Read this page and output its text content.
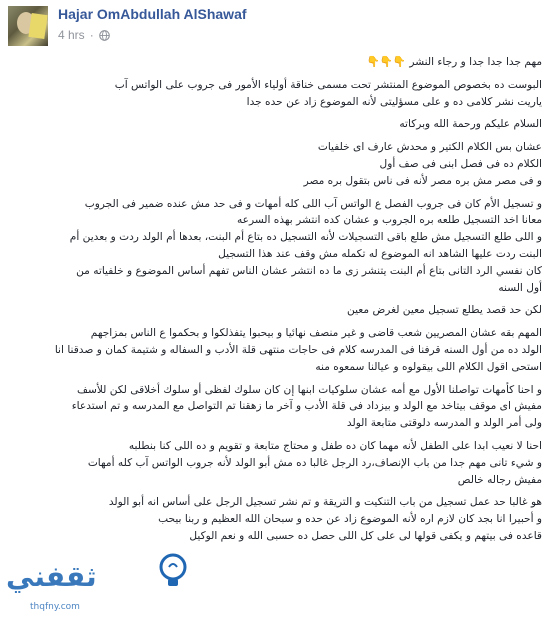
Hajar OmAbdullah AlShawaf
4 hrs ·

مهم جدا جدا جدا و رجاء النشر 👇👇👇

البوست ده بخصوص الموضوع المنتشر تحت مسمى خناقة أولياء الأمور فى جروب على الواتس آب

ياريت نشر كلامى ده و على مسؤليتى لأنه الموضوع زاد عن حده جدا

السلام عليكم ورحمة الله وبركاته

عشان بس الكلام الكتير و محدش عارف اى خلفيات

الكلام ده فى فصل ابنى فى صف أول

و فى مصر مش بره مصر لأنه فى ناس بتقول بره مصر

و تسجيل الأم كان فى جروب الفصل ع الواتس آب اللى كله أمهات و فى حد مش عنده ضمير فى الجروب

معانا اخد التسجيل طلعه بره الجروب و عشان كده انتشر بهذه السرعه

و اللى طلع التسجيل مش طلع باقى التسجيلات لأنه التسجيل ده بتاع أم البنت، بعدها أم الولد ردت و بعدين أم

البنت ردت عليها الشاهد انه الموضوع له تكمله مش وقف عند هذا التسجيل

كان نفسي الرد التانى بتاع أم البنت يتنشر زى ما ده انتشر عشان الناس تفهم أساس الموضوع و خلفياته من

أول السنه

لكن حد قصد يطلع تسجيل معين لغرض معين

المهم بقه عشان المصريين شعب قاضى و غير منصف نهائيا و بيحبوا يتفذلكوا و بحكموا ع الناس بمزاجهم

الولد ده من أول السنه قرفنا فى المدرسه كلام فى حاجات منتهى قلة الأدب و السفاله و شتيمة كمان و صدقنا انا

استحى اقول الكلام اللى بيقولوه و عيالنا سمعوه منه

و احنا كأمهات تواصلنا الأول مع أمه عشان سلوكيات ابنها إن كان سلوك لفظى أو سلوك أخلاقى لكن للأسف

مفيش اى موقف بيتاخد مع الولد و بيزداد فى قلة الأدب و آخر ما زهقنا تم التواصل مع المدرسه و تم استدعاء

ولى أمر الولد و المدرسه دلوقتى متابعة الولد

احنا لا نعيب ابدا على الطفل لأنه مهما كان ده طفل و محتاج متابعة و تقويم و ده اللى كنا بنطلبه

و شيء تانى مهم جدا من باب الإنصاف،رد الرجل غالبا ده مش أبو الولد لأنه جروب الواتس آب كله أمهات

مفيش رجاله خالص

هو غالبا حد عمل تسجيل من باب التنكيت و التريقة و تم نشر تسجيل الرجل على أساس انه أبو الولد

و أحبيرا انا بجد كان لازم اره لأنه الموضوع زاد عن حده و سبحان الله العظيم و ربنا بيحب

قاعده فى بيتهم و يكفى قولها لى على كل اللى حصل ده حسبى الله و نعم الوكيل

ثقفني
thqfny.com
